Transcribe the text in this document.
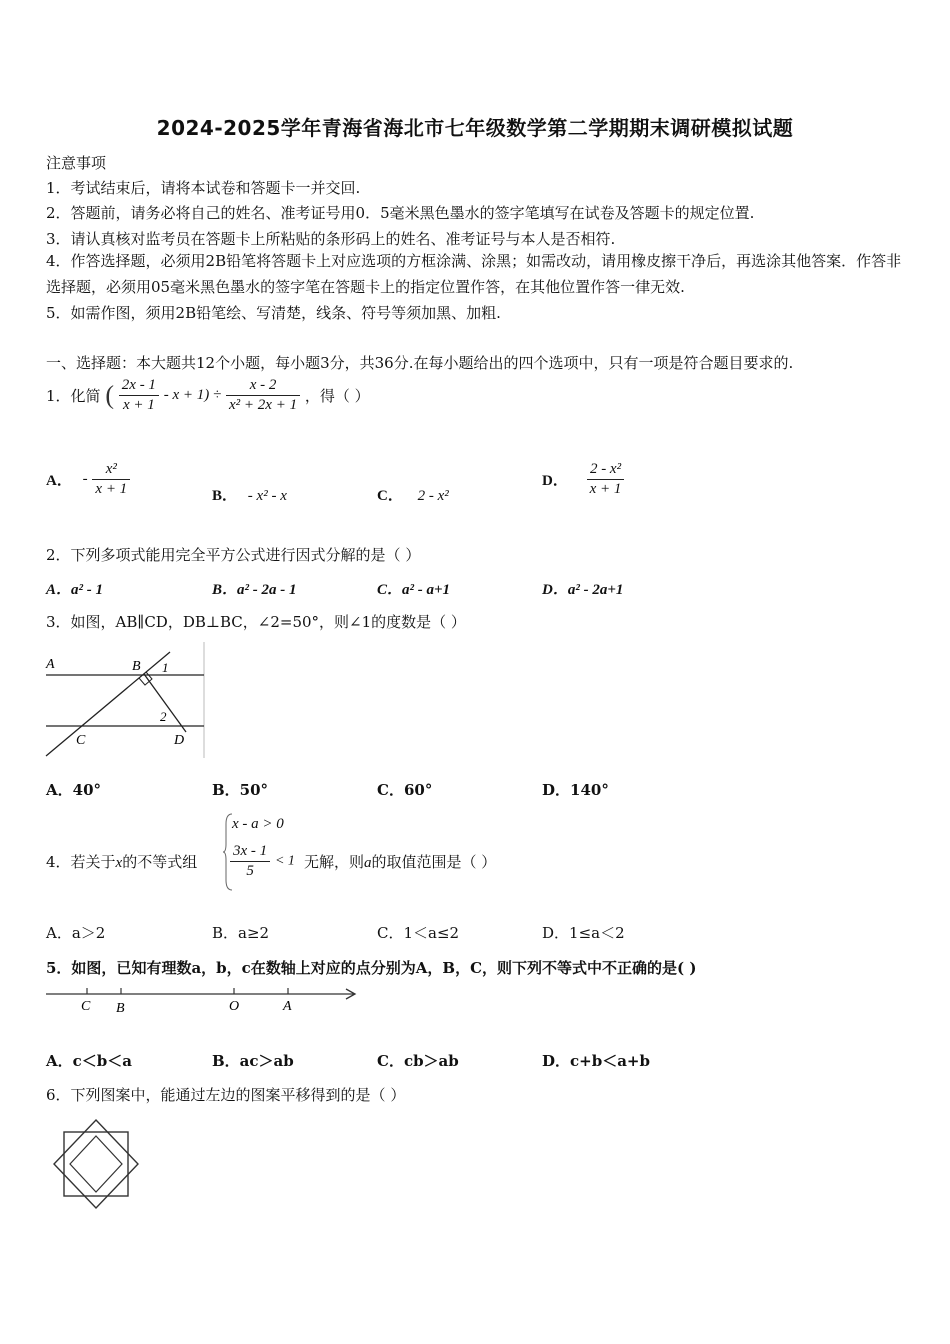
2024-2025学年青海省海北市七年级数学第二学期期末调研模拟试题
注意事项
1．考试结束后，请将本试卷和答题卡一并交回.
2．答题前，请务必将自己的姓名、准考证号用0．5毫米黑色墨水的签字笔填写在试卷及答题卡的规定位置.
3．请认真核对监考员在答题卡上所粘贴的条形码上的姓名、准考证号与本人是否相符.
4．作答选择题，必须用2B铅笔将答题卡上对应选项的方框涂满、涂黑；如需改动，请用橡皮擦干净后，再选涂其他答案．作答非选择题，必须用05毫米黑色墨水的签字笔在答题卡上的指定位置作答，在其他位置作答一律无效.
5．如需作图，须用2B铅笔绘、写清楚，线条、符号等须加黑、加粗.
一、选择题：本大题共12个小题，每小题3分，共36分.在每小题给出的四个选项中，只有一项是符合题目要求的.
1．化简 ( $\frac{2x - 1}{x + 1} - x + 1) \div \frac{x - 2}{\text{x² + 2x + 1}}$ ，得（ ）
A． - $\frac{\text{x²}}{x + 1}$	B． - x² - x	C． 2 - x²
D． $\frac{\text{2 - x²}}{x + 1}$
2．下列多项式能用完全平方公式进行因式分解的是（ ）
A．a² - 1	B．a² - 2a - 1	C．a² - a+1	D．a² - 2a+1
3．如图，AB∥CD，DB⊥BC，∠2=50°，则∠1的度数是（ ）
A	B 1
2
C	D
A．40°	B．50°	C．60°	D．140°
4．若关于x的不等式组
x - a > 0
$\frac{3x - 1}{5} < 1$ 无解，则a的取值范围是（ ）
A．a＞2	B．a≥2	C．1＜a≤2	D．1≤a＜2
5．如图，已知有理数a，b，c在数轴上对应的点分别为A，B，C，则下列不等式中不正确的是( )
C B	O	A
A．c＜b＜a	B．ac＞ab	C．cb＞ab	D．c+b＜a+b
6．下列图案中，能通过左边的图案平移得到的是（ ）
